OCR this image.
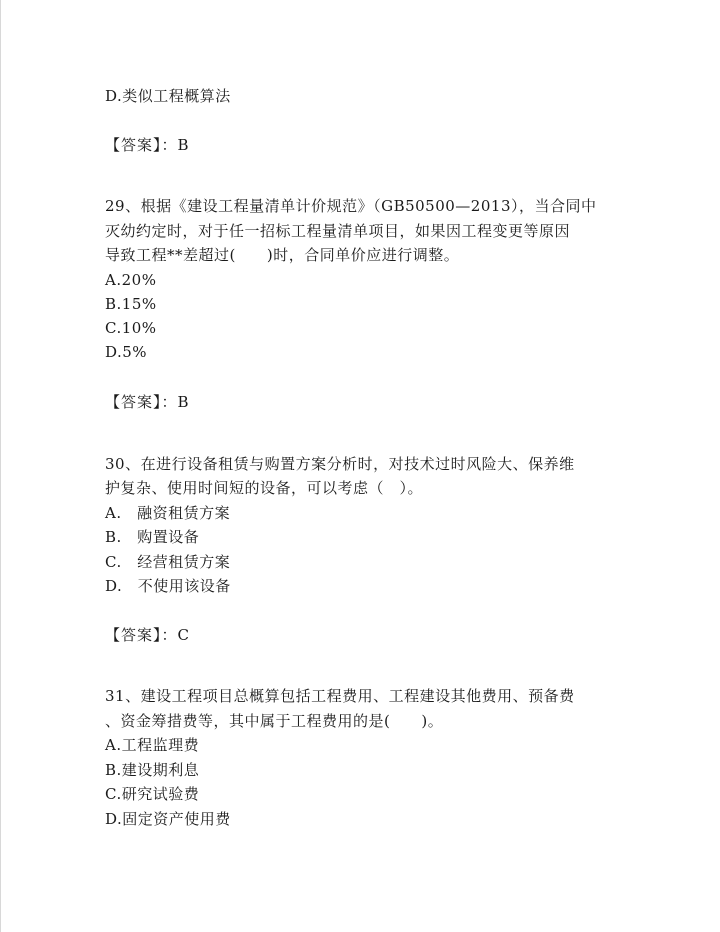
D.类似工程概算法
【答案】：B
29、根据《建设工程量清单计价规范》（GB50500—2013），当合同中
灭幼约定时，对于任一招标工程量清单项目，如果因工程变更等原因
导致工程**差超过(　　)时，合同单价应进行调整。
A.20%
B.15%
C.10%
D.5%
【答案】：B
30、在进行设备租赁与购置方案分析时，对技术过时风险大、保养维
护复杂、使用时间短的设备，可以考虑（　）。
A.　融资租赁方案
B.　购置设备
C.　经营租赁方案
D.　不使用该设备
【答案】：C
31、建设工程项目总概算包括工程费用、工程建设其他费用、预备费
、资金筹措费等，其中属于工程费用的是(　　)。
A.工程监理费
B.建设期利息
C.研究试验费
D.固定资产使用费
